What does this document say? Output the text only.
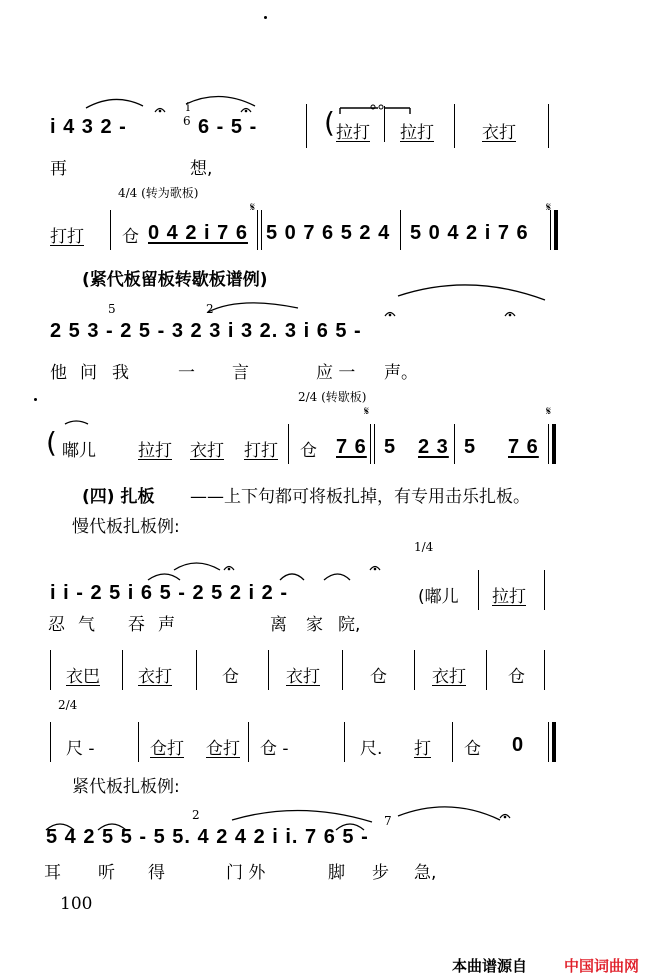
i 4 3 2 -
i
6 6 - 5 - ( 拉打 拉打	衣打
再	想,
4/4 (转为歌板)
𝄋	𝄋
打打 仓 0 4 2 i 7 6 5 0 7 6 5 2 4 5 0 4 2 i 7 6
(紧代板留板转歇板谱例)
5	2
2 5 3 - 2 5 - 3 2 3 i 3 2. 3 i 6 5 -
他 问 我	一 言	应 一 声。
2/4 (转歇板)
𝄋	𝄋
( 嘟儿 拉打 衣打 打打 仓 7 6 5 2 3 5 7 6
(四) 扎板 ——上下句都可将板扎掉，有专用击乐扎板。
慢代板扎板例:
1/4
i i - 2 5 i 6 5 - 2 5 2 i 2 -	(嘟儿 拉打
忍 气 吞 声	离 家 院,
衣巴 衣打	仓	衣打	仓	衣打 仓
2/4
尺 -	仓打 仓打 仓 -	尺. 打 仓 0
紧代板扎板例:
2	7
5 4 2 5 5 - 5 5. 4 2 4 2 i i. 7 6 5 -
耳 听 得	门 外	脚 步 急,
100
本曲谱源自 中国词曲网
